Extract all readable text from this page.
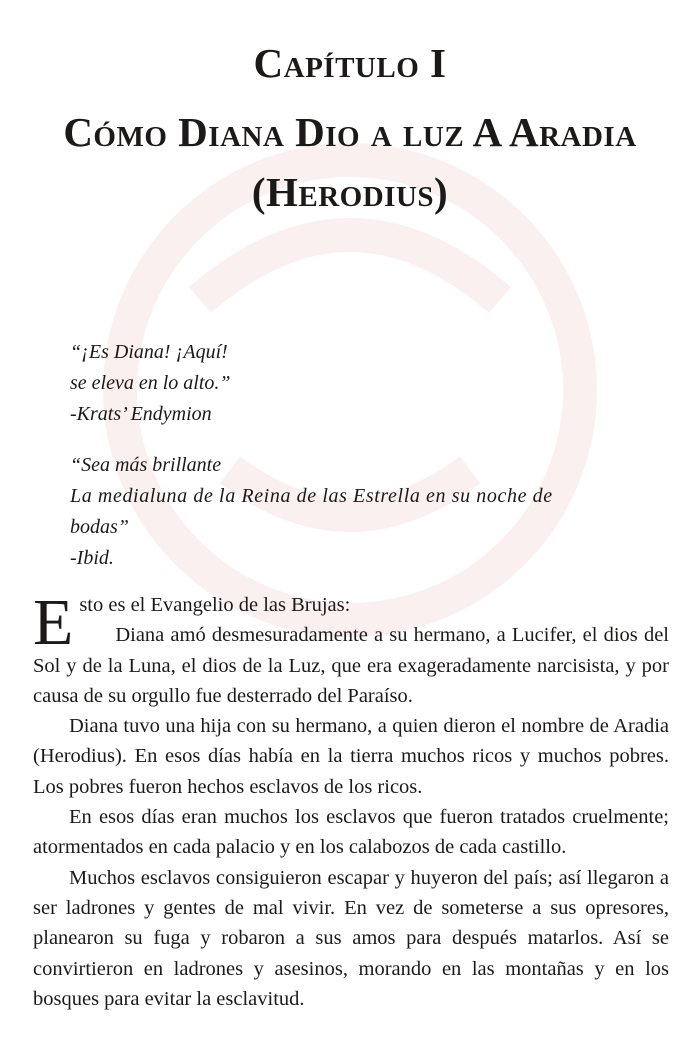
Capítulo I
Cómo Diana Dio a luz A Aradia
(Herodius)
“¡Es Diana! ¡Aquí!
se eleva en lo alto.”
-Krats’ Endymion
“Sea más brillante
La medialuna de la Reina de las Estrella en su noche de
bodas”
-Ibid.

E sto es el Evangelio de las Brujas:
Diana amó desmesuradamente a su hermano, a Lucifer, el dios del Sol y de la Luna, el dios de la Luz, que era exageradamente narcisista, y por causa de su orgullo fue desterrado del Paraíso.

Diana tuvo una hija con su hermano, a quien dieron el nombre de Aradia (Herodius). En esos días había en la tierra muchos ricos y muchos pobres. Los pobres fueron hechos esclavos de los ricos.

En esos días eran muchos los esclavos que fueron tratados cruelmente; atormentados en cada palacio y en los calabozos de cada castillo.

Muchos esclavos consiguieron escapar y huyeron del país; así llegaron a ser ladrones y gentes de mal vivir. En vez de someterse a sus opresores, planearon su fuga y robaron a sus amos para después matarlos. Así se convirtieron en ladrones y asesinos, morando en las montañas y en los bosques para evitar la esclavitud.
